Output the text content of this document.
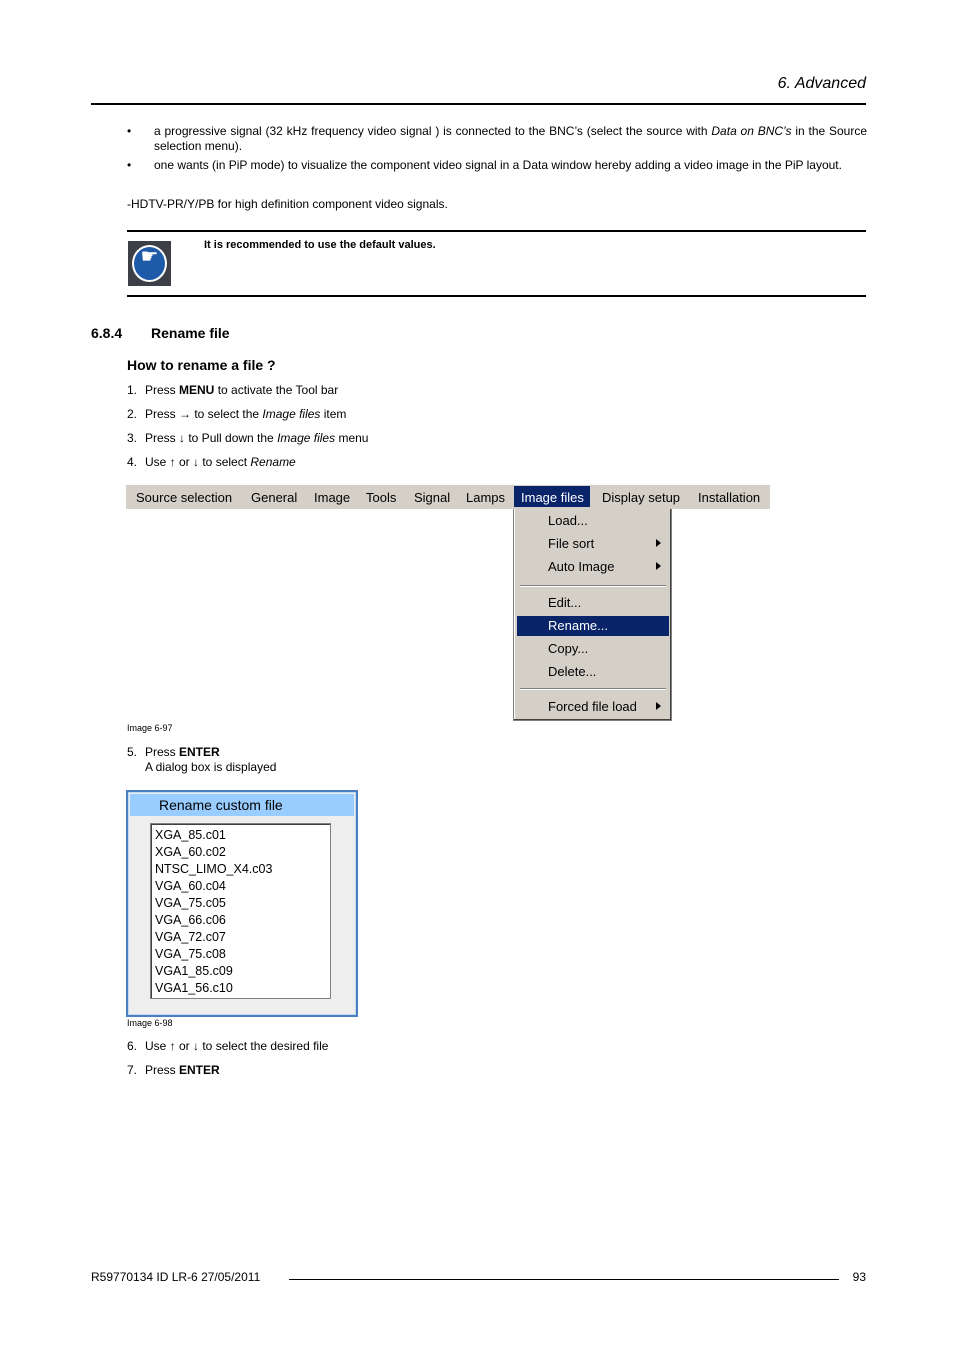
6. Advanced
• a progressive signal (32 kHz frequency video signal ) is connected to the BNC’s (select the source with Data on BNC’s in the Source selection menu).
• one wants (in PiP mode) to visualize the component video signal in a Data window hereby adding a video image in the PiP layout.
-HDTV-PR/Y/PB for high definition component video signals.
☛
It is recommended to use the default values.
6.8.4 Rename file
How to rename a file ?
1. Press MENU to activate the Tool bar
2. Press → to select the Image files item
3. Press ↓ to Pull down the Image files menu
4. Use ↑ or ↓ to select Rename
Source selection General Image Tools Signal Lamps	Image files	Display setup Installation
Load...
File sort
Auto Image
Edit...
Rename...
Copy...
Delete...
Forced file load
Image 6-97
5. Press ENTER
A dialog box is displayed
Rename custom file
XGA_85.c01
XGA_60.c02
NTSC_LIMO_X4.c03
VGA_60.c04
VGA_75.c05
VGA_66.c06
VGA_72.c07
VGA_75.c08
VGA1_85.c09
VGA1_56.c10
Image 6-98
6. Use ↑ or ↓ to select the desired file
7. Press ENTER
R59770134 ID LR-6 27/05/2011	93
